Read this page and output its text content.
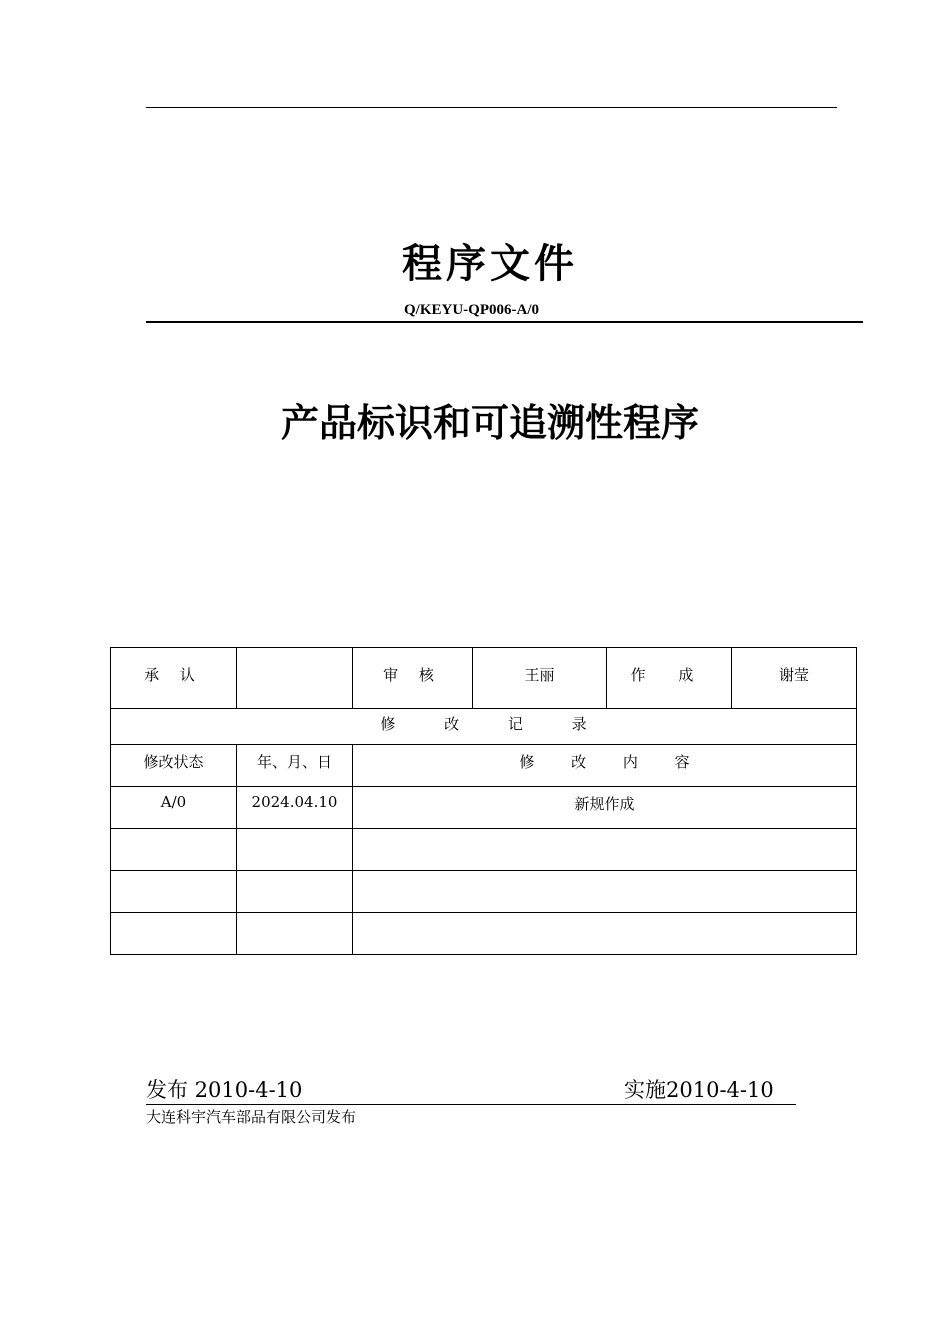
程序文件
Q/KEYU-QP006-A/0
产品标识和可追溯性程序
承 认		审 核	王丽	作 成	谢莹
修 改 记 录					
修改状态	年、月、日	修 改 内 容			
A/0	2024.04.10	新规作成			

发布 2010-4-10	实施2010-4-10
大连科宇汽车部品有限公司发布
